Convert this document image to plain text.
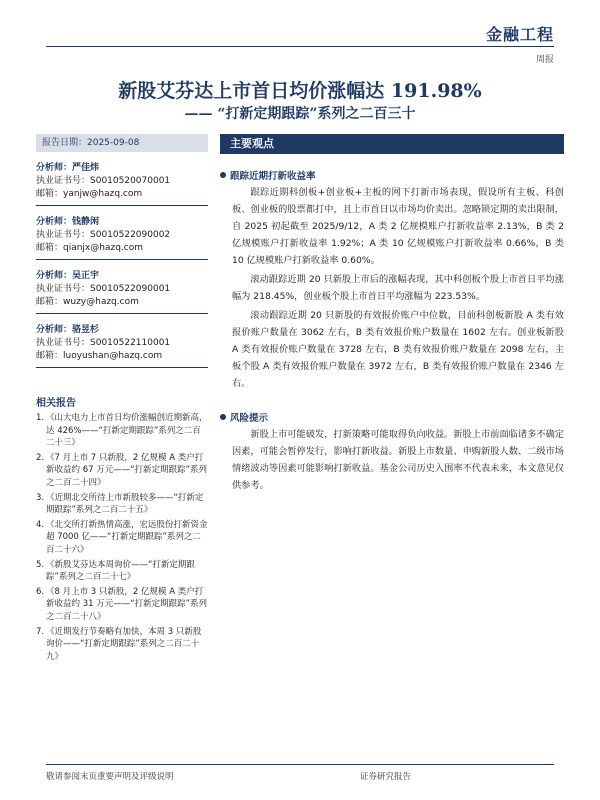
金融工程
周报
新股艾芬达上市首日均价涨幅达 191.98%
—— “打新定期跟踪”系列之二百三十
报告日期：2025-09-08
分析师：严佳炜
执业证书号：S0010520070001
邮箱：yanjw@hazq.com
分析师：钱静闲
执业证书号：S0010522090002
邮箱：qianjx@hazq.com
分析师：吴正宇
执业证书号：S0010522090001
邮箱：wuzy@hazq.com
分析师：骆昱杉
执业证书号：S0010522110001
邮箱：luoyushan@hazq.com
相关报告
1. 《山大电力上市首日均价涨幅创近期新高，达 426%——“打新定期跟踪”系列之二百二十三》
2. 《7 月上市 7 只新股，2 亿规模 A 类户打新收益约 67 万元——“打新定期跟踪”系列之二百二十四》
3. 《近期北交所待上市新股较多——“打新定期跟踪”系列之二百二十五》
4. 《北交所打新热情高涨，宏远股份打新资金超 7000 亿——“打新定期跟踪”系列之二百二十六》
5. 《新股艾芬达本周询价——“打新定期跟踪”系列之二百二十七》
6. 《8 月上市 3 只新股，2 亿规模 A 类户打新收益约 31 万元——“打新定期跟踪”系列之二百二十八》
7. 《近期发行节奏略有加快，本周 3 只新股询价——“打新定期跟踪”系列之二百二十九》
主要观点
跟踪近期打新收益率

跟踪近期科创板+创业板+主板的网下打新市场表现，假设所有主板、科创板、创业板的股票都打中，且上市首日以市场均价卖出。忽略锁定期的卖出限制，自 2025 初起截至 2025/9/12，A 类 2 亿规模账户打新收益率 2.13%，B 类 2 亿规模账户打新收益率 1.92%；A 类 10 亿规模账户打新收益率 0.66%，B 类 10 亿规模账户打新收益率 0.60%。

滚动跟踪近期 20 只新股上市后的涨幅表现，其中科创板个股上市首日平均涨幅为 218.45%，创业板个股上市首日平均涨幅为 223.53%。

滚动跟踪近期 20 只新股的有效报价账户中位数，目前科创板新股 A 类有效报价账户数量在 3062 左右，B 类有效报价账户数量在 1602 左右。创业板新股 A 类有效报价账户数量在 3728 左右，B 类有效报价账户数量在 2098 左右，主板个股 A 类有效报价账户数量在 3972 左右，B 类有效报价账户数量在 2346 左右。

风险提示

新股上市可能破发，打新策略可能取得负向收益。新股上市前面临诸多不确定因素，可能会暂停发行，影响打新收益。新股上市数量、申购新股人数、二级市场情绪波动等因素可能影响打新收益。基金公司历史入围率不代表未来，本文意见仅供参考。

敬请参阅末页重要声明及评级说明	证券研究报告
